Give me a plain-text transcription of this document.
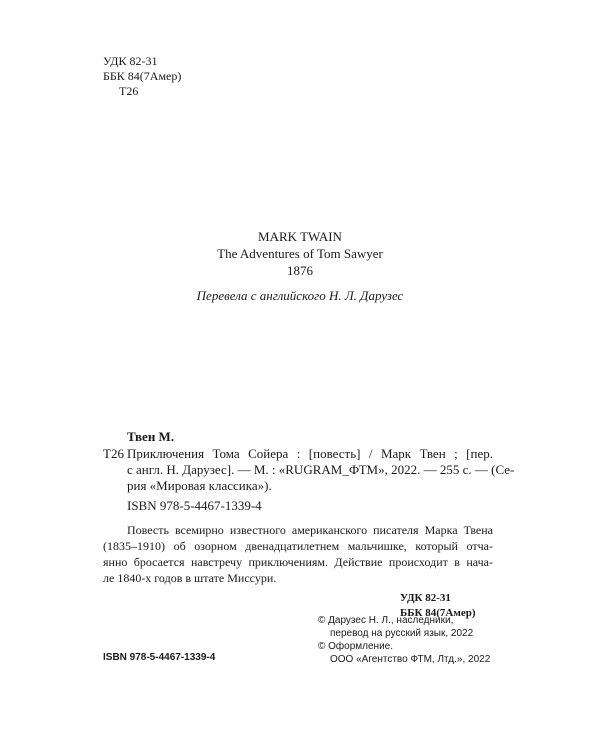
УДК 82-31
ББК 84(7Амер)
Т26
MARK TWAIN
The Adventures of Tom Sawyer
1876
Перевела с английского Н. Л. Дарузес
Твен М.
Т26 Приключения Тома Сойера : [повесть] / Марк Твен ; [пер.
с англ. Н. Дарузес]. — М. : «RUGRAM_ФТМ», 2022. — 255 с. — (Се-
рия «Мировая классика»).
ISBN 978-5-4467-1339-4
Повесть всемирно известного американского писателя Марка Твена
(1835–1910) об озорном двенадцатилетнем мальчишке, который отча-
янно бросается навстречу приключениям. Действие происходит в нача-
ле 1840-х годов в штате Миссури.
УДК 82-31
ББК 84(7Амер)
© Дарузес Н. Л., наследники,
перевод на русский язык, 2022
© Оформление.
ООО «Агентство ФТМ, Лтд.», 2022
ISBN 978-5-4467-1339-4
